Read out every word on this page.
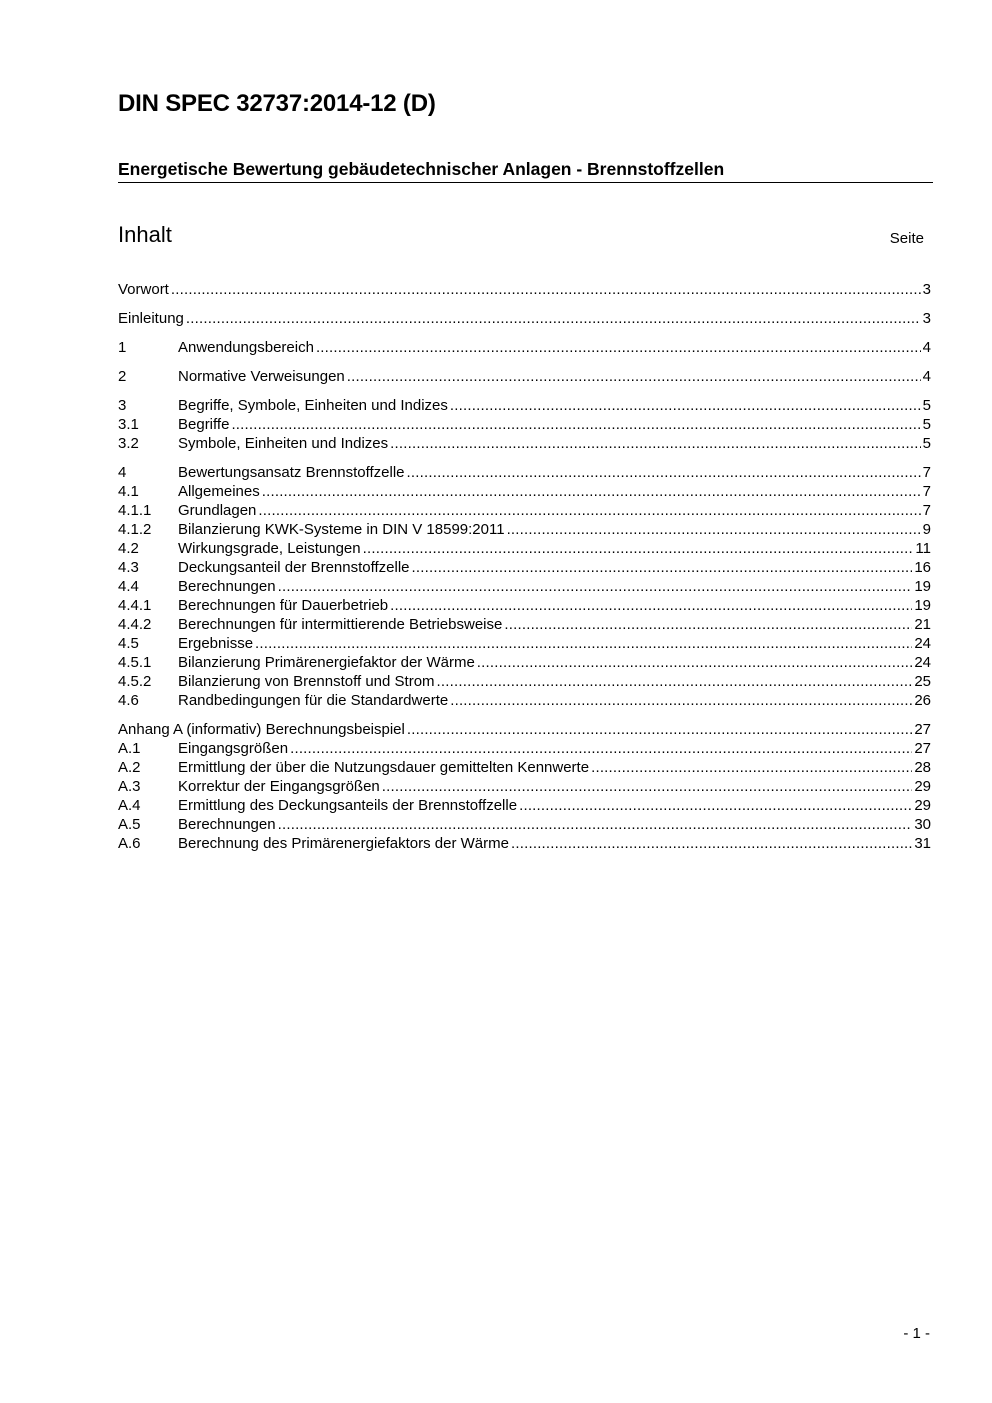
DIN SPEC 32737:2014-12 (D)
Energetische Bewertung gebäudetechnischer Anlagen - Brennstoffzellen
Inhalt	Seite
Vorwort .....	3
Einleitung .....	3
1	Anwendungsbereich .....	4
2	Normative Verweisungen .....	4
3	Begriffe, Symbole, Einheiten und Indizes .....	5
3.1	Begriffe .....	5
3.2	Symbole, Einheiten und Indizes .....	5
4	Bewertungsansatz Brennstoffzelle .....	7
4.1	Allgemeines .....	7
4.1.1	Grundlagen .....	7
4.1.2	Bilanzierung KWK-Systeme in DIN V 18599:2011 .....	9
4.2	Wirkungsgrade, Leistungen .....	11
4.3	Deckungsanteil der Brennstoffzelle .....	16
4.4	Berechnungen .....	19
4.4.1	Berechnungen für Dauerbetrieb .....	19
4.4.2	Berechnungen für intermittierende Betriebsweise .....	21
4.5	Ergebnisse .....	24
4.5.1	Bilanzierung Primärenergiefaktor der Wärme .....	24
4.5.2	Bilanzierung von Brennstoff und Strom .....	25
4.6	Randbedingungen für die Standardwerte .....	26
Anhang A (informativ) Berechnungsbeispiel .....	27
A.1	Eingangsgrößen .....	27
A.2	Ermittlung der über die Nutzungsdauer gemittelten Kennwerte .....	28
A.3	Korrektur der Eingangsgrößen .....	29
A.4	Ermittlung des Deckungsanteils der Brennstoffzelle .....	29
A.5	Berechnungen .....	30
A.6	Berechnung des Primärenergiefaktors der Wärme .....	31
- 1 -
